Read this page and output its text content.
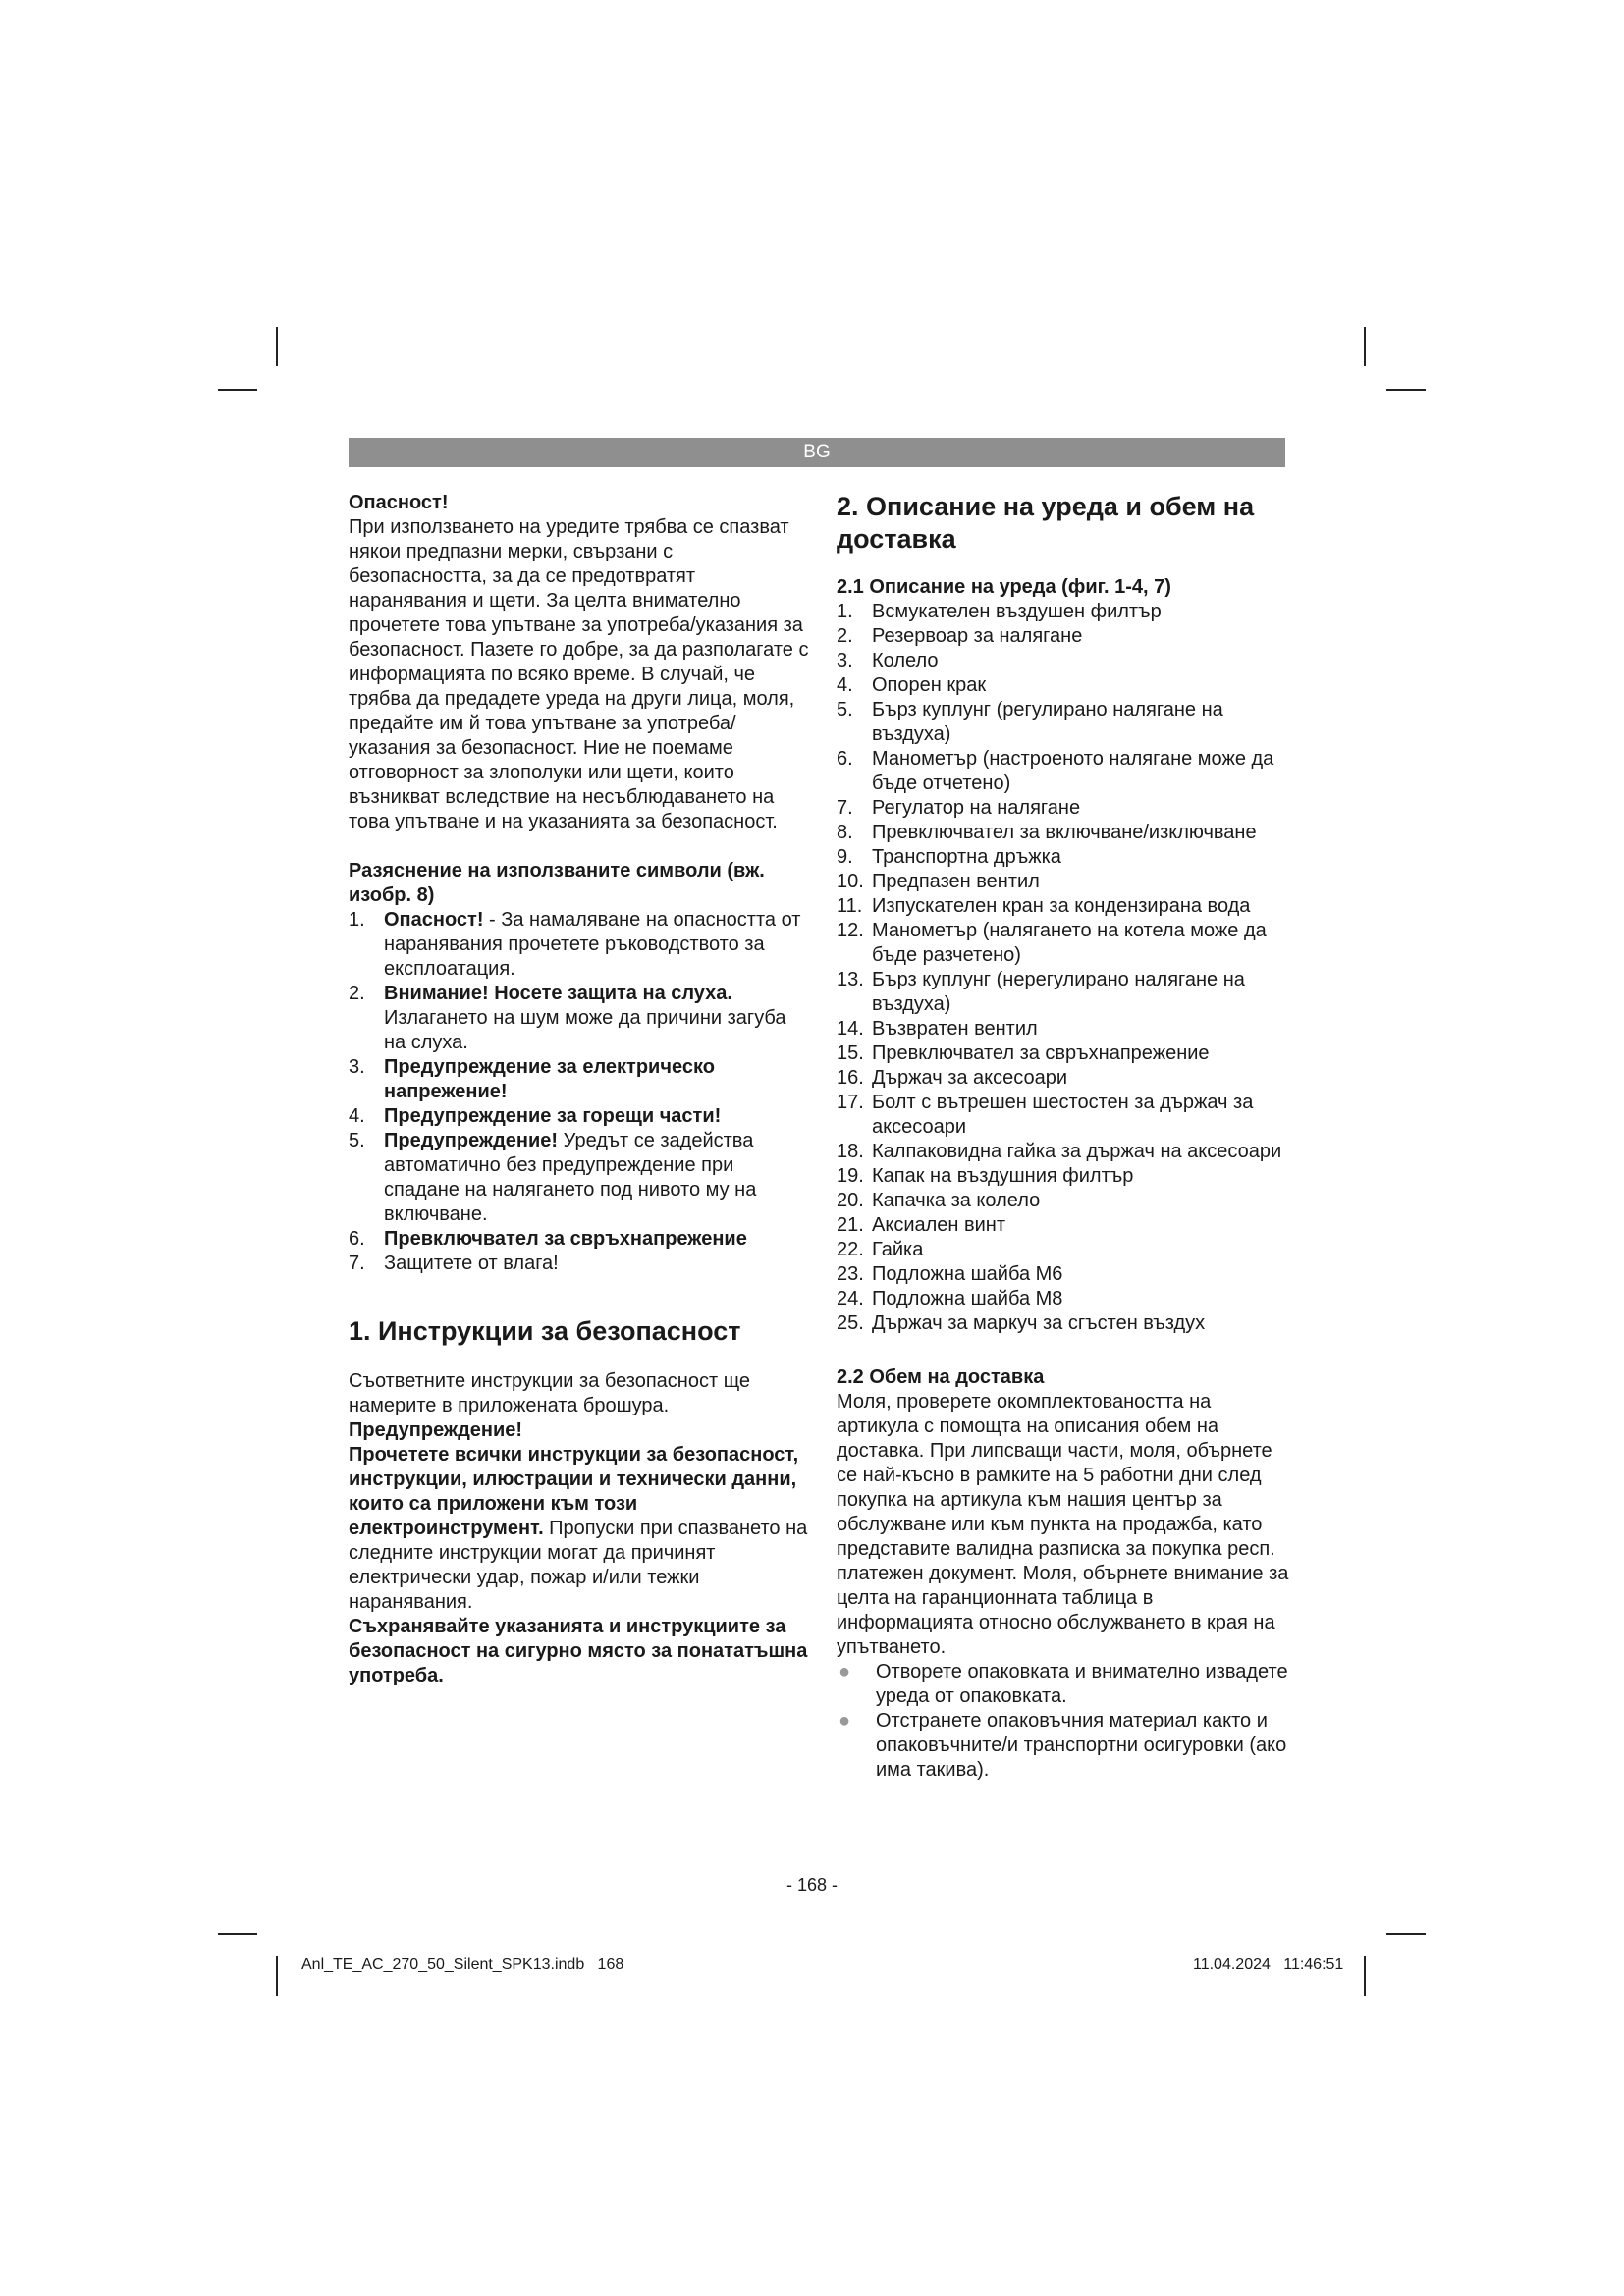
BG
Опасност!

При използването на уредите трябва се спазват някои предпазни мерки, свързани с безопасността, за да се предотвратят наранявания и щети. За целта внимателно прочетете това упътване за употреба/указания за безопасност. Пазете го добре, за да разполагате с информацията по всяко време. В случай, че трябва да предадете уреда на други лица, моля, предайте им й това упътване за употреба/указания за безопасност. Ние не поемаме отговорност за злополуки или щети, които възникват вследствие на несъблюдаването на това упътване и на указанията за безопасност.

Разяснение на използваните символи (вж. изобр. 8)
1. Опасност! - За намаляване на опасността от наранявания прочетете ръководството за експлоатация.
2. Внимание! Носете защита на слуха. Излагането на шум може да причини загуба на слуха.
3. Предупреждение за електрическо напрежение!
4. Предупреждение за горещи части!
5. Предупреждение! Уредът се задейства автоматично без предупреждение при спадане на налягането под нивото му на включване.
6. Превключвател за свръхнапрежение
7. Защитете от влага!
1. Инструкции за безопасност

Съответните инструкции за безопасност ще намерите в приложената брошура.

Предупреждение!

Прочетете всички инструкции за безопасност, инструкции, илюстрации и технически данни, които са приложени към този електроинструмент. Пропуски при спазването на следните инструкции могат да причинят електрически удар, пожар и/или тежки наранявания.

Съхранявайте указанията и инструкциите за безопасност на сигурно място за понататъшна употреба.

2. Описание на уреда и обем на доставка
2.1 Описание на уреда (фиг. 1-4, 7)
1. Всмукателен въздушен филтър
2. Резервоар за налягане
3. Колело
4. Опорен крак
5. Бърз куплунг (регулирано налягане на въздуха)
6. Манометър (настроеното налягане може да бъде отчетено)
7. Регулатор на налягане
8. Превключвател за включване/изключване
9. Транспортна дръжка
10. Предпазен вентил
11. Изпускателен кран за кондензирана вода
12. Манометър (налягането на котела може да бъде разчетено)
13. Бърз куплунг (нерегулирано налягане на въздуха)
14. Възвратен вентил
15. Превключвател за свръхнапрежение
16. Държач за аксесоари
17. Болт с вътрешен шестостен за държач за аксесоари
18. Калпаковидна гайка за държач на аксесоари
19. Капак на въздушния филтър
20. Капачка за колело
21. Аксиален винт
22. Гайка
23. Подложна шайба M6
24. Подложна шайба M8
25. Държач за маркуч за сгъстен въздух
2.2 Обем на доставка

Моля, проверете окомплектоваността на артикула с помощта на описания обем на доставка. При липсващи части, моля, обърнете се най-късно в рамките на 5 работни дни след покупка на артикула към нашия център за обслужване или към пункта на продажба, като представите валидна разписка за покупка респ. платежен документ. Моля, обърнете внимание за целта на гаранционната таблица в информацията относно обслужването в края на упътването.

● Отворете опаковката и внимателно извадете уреда от опаковката.
● Отстранете опаковъчния материал както и опаковъчните/и транспортни осигуровки (ако има такива).
- 168 -
Anl_TE_AC_270_50_Silent_SPK13.indb   168	11.04.2024   11:46:51
